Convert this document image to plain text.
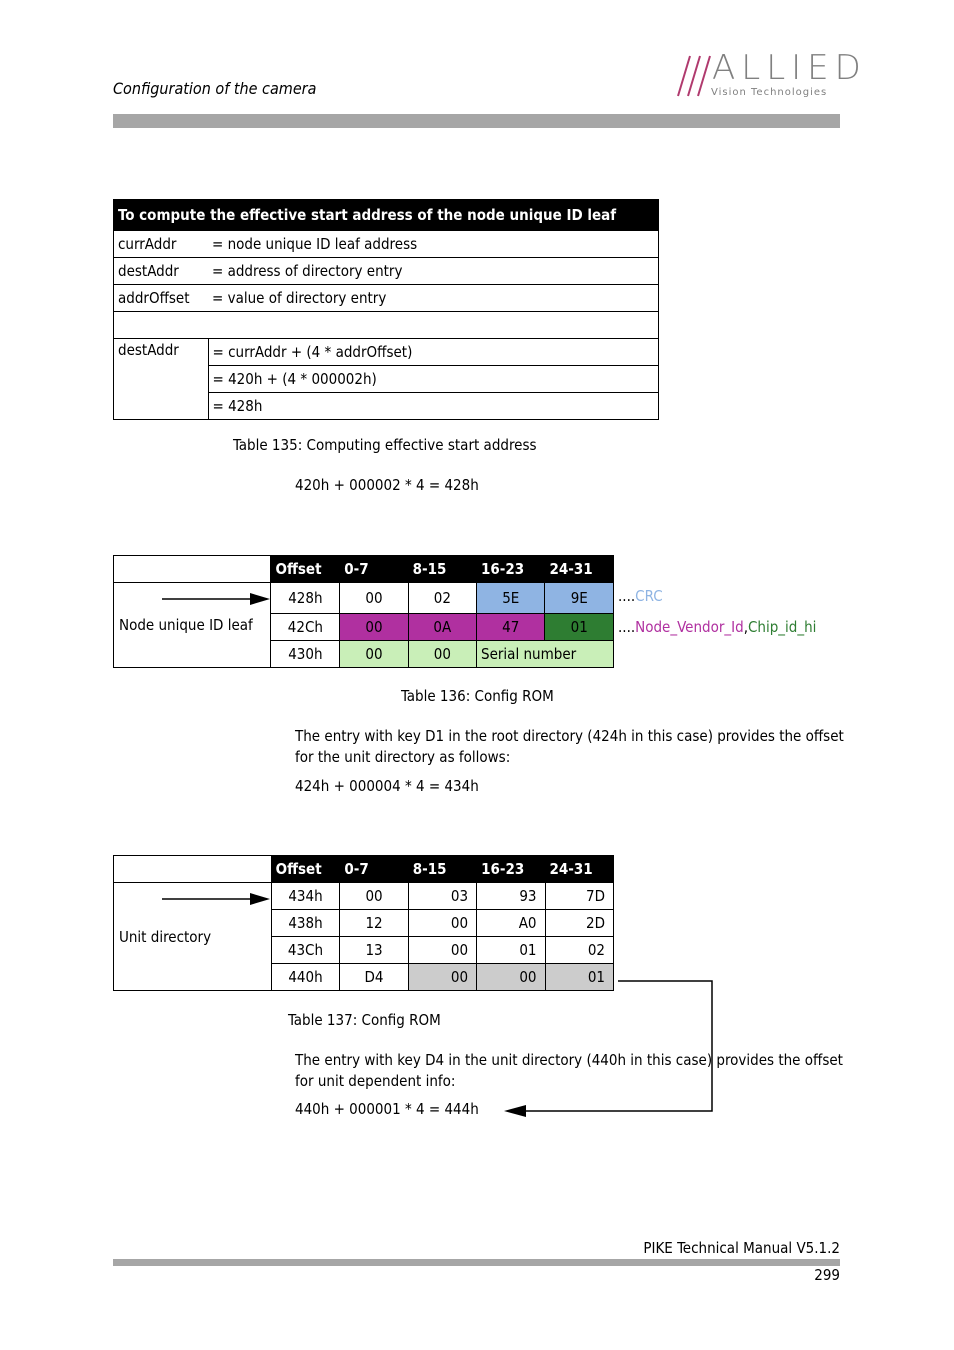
Configuration of the camera
ALLIED
Vision Technologies
To compute the effective start address of the node unique ID leaf	
currAddr	= node unique ID leaf address
destAddr	= address of directory entry
addrOffset	= value of directory entry

destAddr	= currAddr + (4 * addrOffset)
	= 420h + (4 * 000002h)
	= 428h
Table 135: Computing effective start address
420h + 000002 * 4 = 428h
	Offset	0-7	8-15	16-23	24-31
Node unique ID leaf	428h	00	02	5E	9E
	42Ch	00	0A	47	01
	430h	00	00	Serial number	
....CRC
....Node_Vendor_Id,Chip_id_hi
Table 136: Config ROM
The entry with key D1 in the root directory (424h in this case) provides the offset for the unit directory as follows:
424h + 000004 * 4 = 434h
	Offset	0-7	8-15	16-23	24-31
Unit directory	434h	00	03	93	7D
	438h	12	00	A0	2D
	43Ch	13	00	01	02
	440h	D4	00	00	01
Table 137: Config ROM
The entry with key D4 in the unit directory (440h in this case) provides the offset for unit dependent info:
440h + 000001 * 4 = 444h
PIKE Technical Manual V5.1.2
299
